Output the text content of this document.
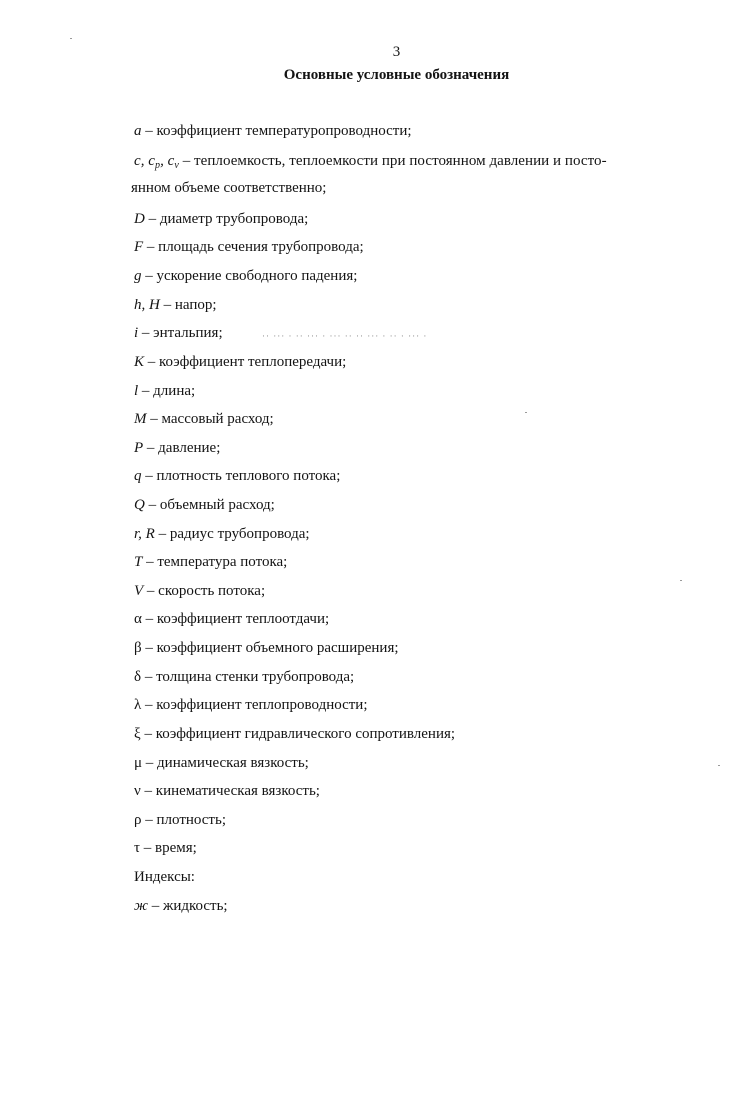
3
Основные условные обозначения
a – коэффициент температуропроводности;
c, $c_p$, $c_v$ – теплоемкость, теплоемкости при постоянном давлении и посто-
янном объеме соответственно;
D – диаметр трубопровода;
F – площадь сечения трубопровода;
g – ускорение свободного падения;
h, H – напор;
i – энтальпия;
K – коэффициент теплопередачи;
l – длина;
M – массовый расход;
P – давление;
q – плотность теплового потока;
Q – объемный расход;
r, R – радиус трубопровода;
T – температура потока;
V – скорость потока;
α – коэффициент теплоотдачи;
β – коэффициент объемного расширения;
δ – толщина стенки трубопровода;
λ – коэффициент теплопроводности;
ξ – коэффициент гидравлического сопротивления;
μ – динамическая вязкость;
ν – кинематическая вязкость;
ρ – плотность;
τ – время;
Индексы:
ж – жидкость;
·· ··· · ·· ··· · ··· ·· ·· ··· · ·· · ··· ·
